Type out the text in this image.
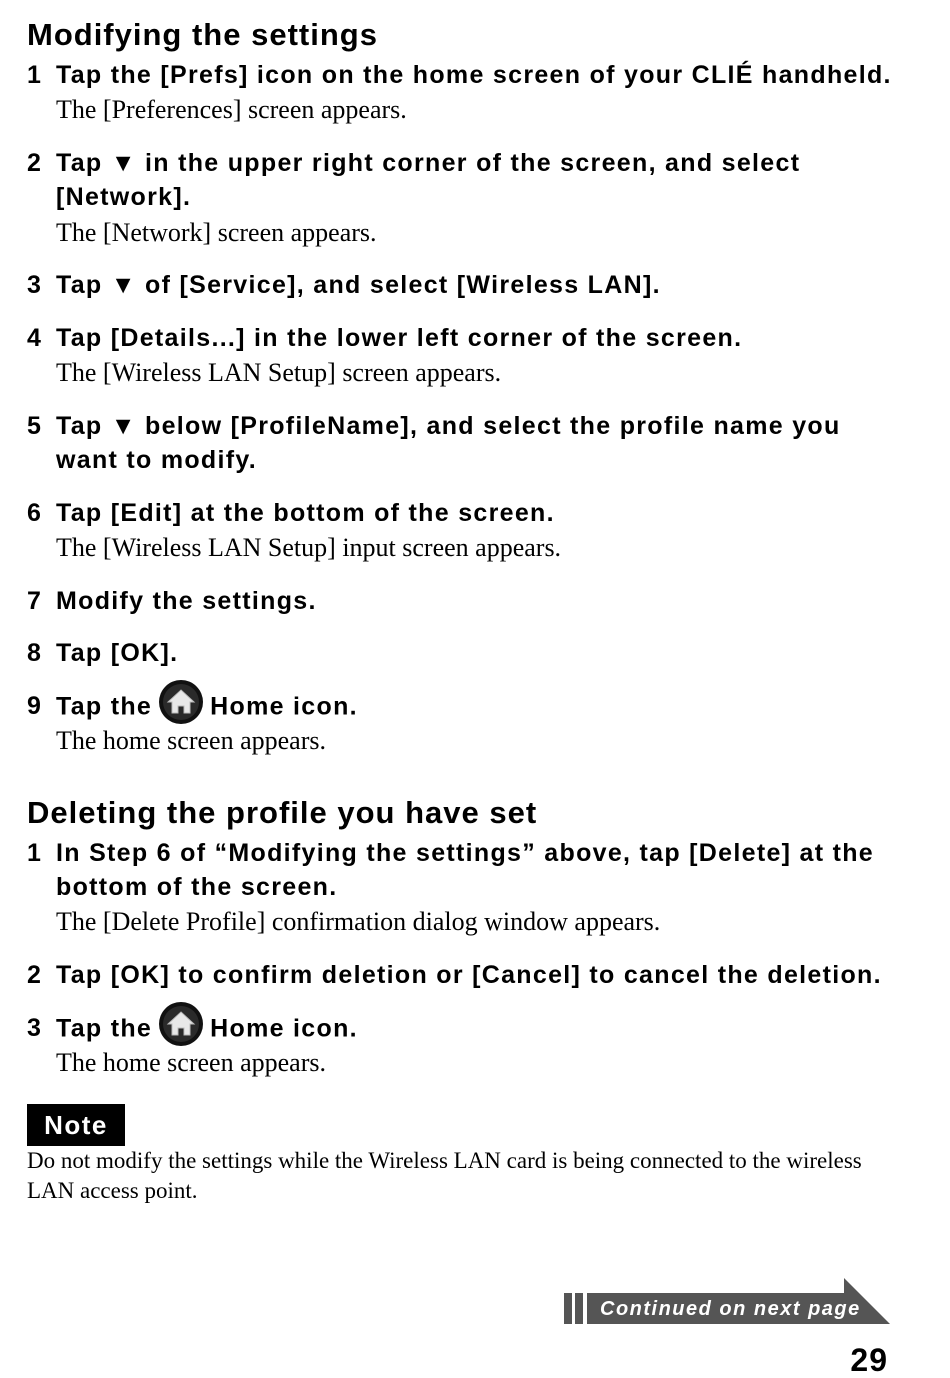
Modifying the settings
1 Tap the [Prefs] icon on the home screen of your CLIÉ handheld.
The [Preferences] screen appears.
2 Tap ▼ in the upper right corner of the screen, and select [Network].
The [Network] screen appears.
3 Tap ▼ of [Service], and select [Wireless LAN].
4 Tap [Details...] in the lower left corner of the screen.
The [Wireless LAN Setup] screen appears.
5 Tap ▼ below [ProfileName], and select the profile name you want to modify.
6 Tap [Edit] at the bottom of the screen.
The [Wireless LAN Setup] input screen appears.
7 Modify the settings.
8 Tap [OK].
9 Tap the Home icon.
The home screen appears.
Deleting the profile you have set
1 In Step 6 of “Modifying the settings” above, tap [Delete] at the bottom of the screen.
The [Delete Profile] confirmation dialog window appears.
2 Tap [OK] to confirm deletion or [Cancel] to cancel the deletion.
3 Tap the Home icon.
The home screen appears.
Note
Do not modify the settings while the Wireless LAN card is being connected to the wireless LAN access point.
Continued on next page
29
